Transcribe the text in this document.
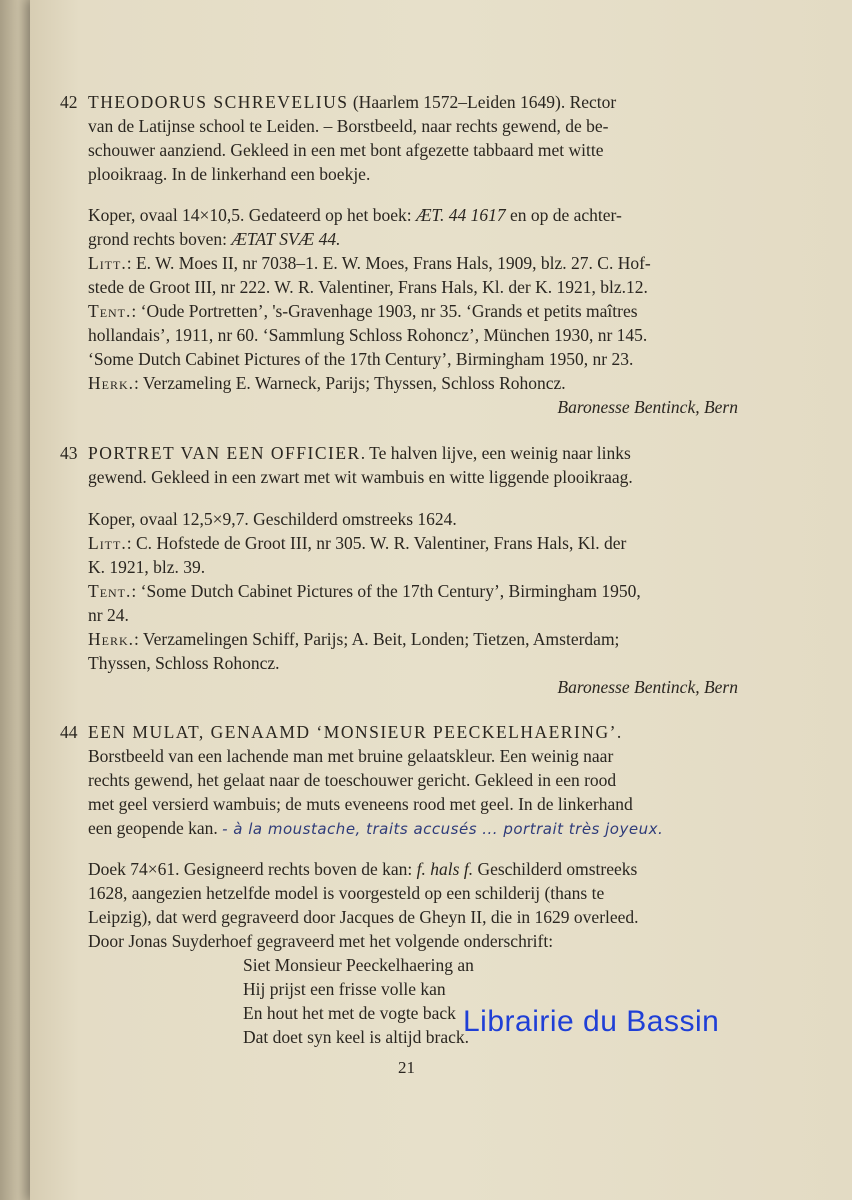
42 THEODORUS SCHREVELIUS (Haarlem 1572–Leiden 1649). Rector
van de Latijnse school te Leiden. – Borstbeeld, naar rechts gewend, de be-
schouwer aanziend. Gekleed in een met bont afgezette tabbaard met witte
plooikraag. In de linkerhand een boekje.
Koper, ovaal 14×10,5. Gedateerd op het boek: ÆT. 44 1617 en op de achter-
grond rechts boven: ÆTAT SVÆ 44.
Litt.: E. W. Moes II, nr 7038–1. E. W. Moes, Frans Hals, 1909, blz. 27. C. Hof-
stede de Groot III, nr 222. W. R. Valentiner, Frans Hals, Kl. der K. 1921, blz.12.
Tent.: ‘Oude Portretten’, 's-Gravenhage 1903, nr 35. ‘Grands et petits maîtres
hollandais’, 1911, nr 60. ‘Sammlung Schloss Rohoncz’, München 1930, nr 145.
‘Some Dutch Cabinet Pictures of the 17th Century’, Birmingham 1950, nr 23.
Herk.: Verzameling E. Warneck, Parijs; Thyssen, Schloss Rohoncz.
Baronesse Bentinck, Bern
43 PORTRET VAN EEN OFFICIER. Te halven lijve, een weinig naar links
gewend. Gekleed in een zwart met wit wambuis en witte liggende plooikraag.
Koper, ovaal 12,5×9,7. Geschilderd omstreeks 1624.
Litt.: C. Hofstede de Groot III, nr 305. W. R. Valentiner, Frans Hals, Kl. der
K. 1921, blz. 39.
Tent.: ‘Some Dutch Cabinet Pictures of the 17th Century’, Birmingham 1950,
nr 24.
Herk.: Verzamelingen Schiff, Parijs; A. Beit, Londen; Tietzen, Amsterdam;
Thyssen, Schloss Rohoncz.
Baronesse Bentinck, Bern
44 EEN MULAT, GENAAMD ‘MONSIEUR PEECKELHAERING’.
Borstbeeld van een lachende man met bruine gelaatskleur. Een weinig naar
rechts gewend, het gelaat naar de toeschouwer gericht. Gekleed in een rood
met geel versierd wambuis; de muts eveneens rood met geel. In de linkerhand
een geopende kan. - à la moustache, traits accusés ... portrait très joyeux.
Doek 74×61. Gesigneerd rechts boven de kan: f. hals f. Geschilderd omstreeks
1628, aangezien hetzelfde model is voorgesteld op een schilderij (thans te
Leipzig), dat werd gegraveerd door Jacques de Gheyn II, die in 1629 overleed.
Door Jonas Suyderhoef gegraveerd met het volgende onderschrift:
Siet Monsieur Peeckelhaering an
Hij prijst een frisse volle kan
En hout het met de vogte back
Dat doet syn keel is altijd brack.
21
Librairie du Bassin
